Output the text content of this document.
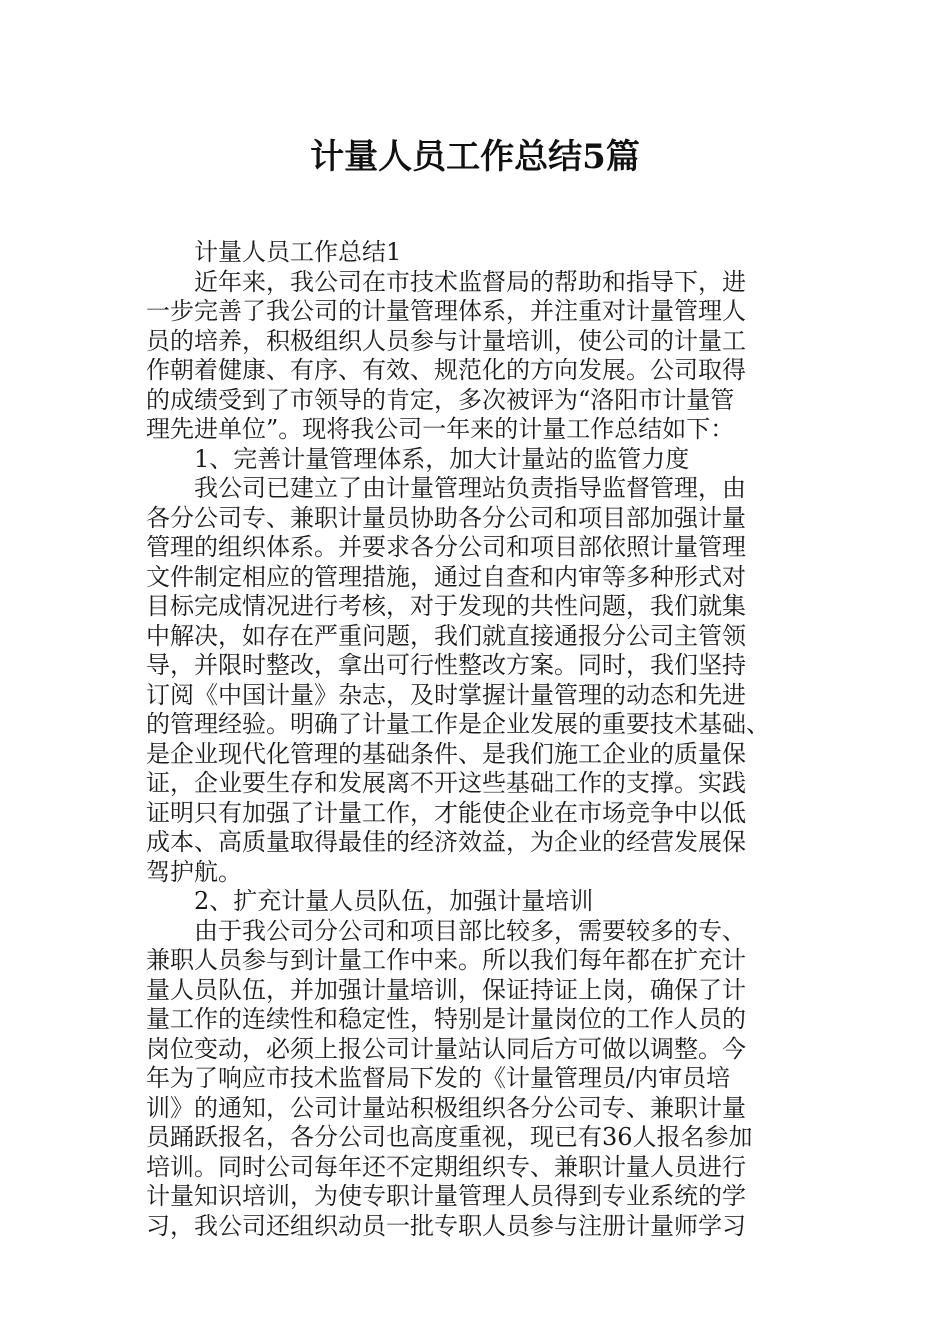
计量人员工作总结5篇
计量人员工作总结1
近年来，我公司在市技术监督局的帮助和指导下，进
一步完善了我公司的计量管理体系，并注重对计量管理人
员的培养，积极组织人员参与计量培训，使公司的计量工
作朝着健康、有序、有效、规范化的方向发展。公司取得
的成绩受到了市领导的肯定，多次被评为“洛阳市计量管
理先进单位”。现将我公司一年来的计量工作总结如下：
1、完善计量管理体系，加大计量站的监管力度
我公司已建立了由计量管理站负责指导监督管理，由
各分公司专、兼职计量员协助各分公司和项目部加强计量
管理的组织体系。并要求各分公司和项目部依照计量管理
文件制定相应的管理措施，通过自查和内审等多种形式对
目标完成情况进行考核，对于发现的共性问题，我们就集
中解决，如存在严重问题，我们就直接通报分公司主管领
导，并限时整改，拿出可行性整改方案。同时，我们坚持
订阅《中国计量》杂志，及时掌握计量管理的动态和先进
的管理经验。明确了计量工作是企业发展的重要技术基础、
是企业现代化管理的基础条件、是我们施工企业的质量保
证，企业要生存和发展离不开这些基础工作的支撑。实践
证明只有加强了计量工作，才能使企业在市场竞争中以低
成本、高质量取得最佳的经济效益，为企业的经营发展保
驾护航。
2、扩充计量人员队伍，加强计量培训
由于我公司分公司和项目部比较多，需要较多的专、
兼职人员参与到计量工作中来。所以我们每年都在扩充计
量人员队伍，并加强计量培训，保证持证上岗，确保了计
量工作的连续性和稳定性，特别是计量岗位的工作人员的
岗位变动，必须上报公司计量站认同后方可做以调整。今
年为了响应市技术监督局下发的《计量管理员/内审员培
训》的通知，公司计量站积极组织各分公司专、兼职计量
员踊跃报名，各分公司也高度重视，现已有36人报名参加
培训。同时公司每年还不定期组织专、兼职计量人员进行
计量知识培训，为使专职计量管理人员得到专业系统的学
习，我公司还组织动员一批专职人员参与注册计量师学习
